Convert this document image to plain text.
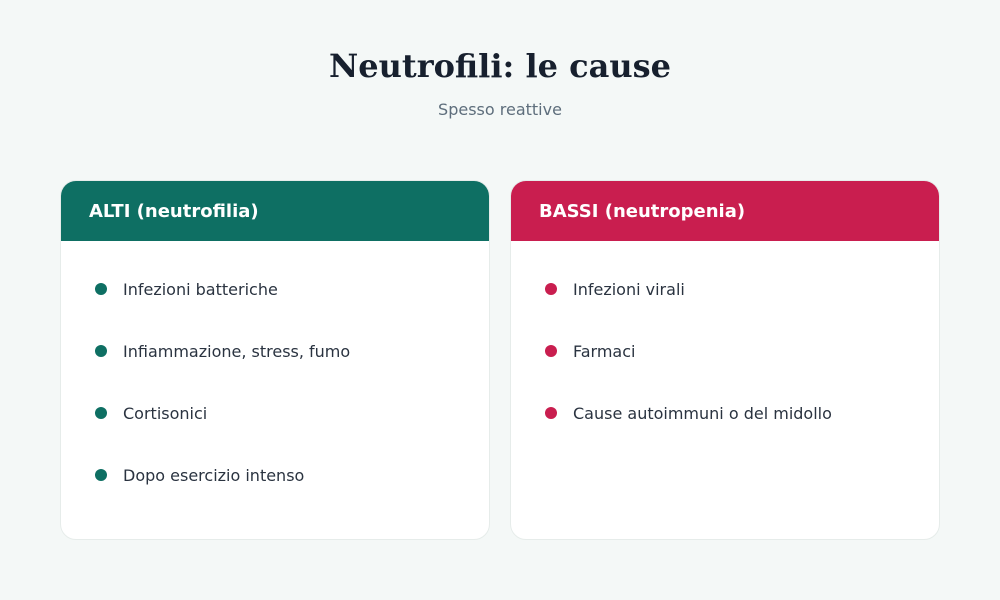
Neutrofili: le cause

Spesso reattive

ALTI (neutrofilia)
Infezioni batteriche
Infiammazione, stress, fumo
Cortisonici
Dopo esercizio intenso
BASSI (neutropenia)
Infezioni virali
Farmaci
Cause autoimmuni o del midollo
